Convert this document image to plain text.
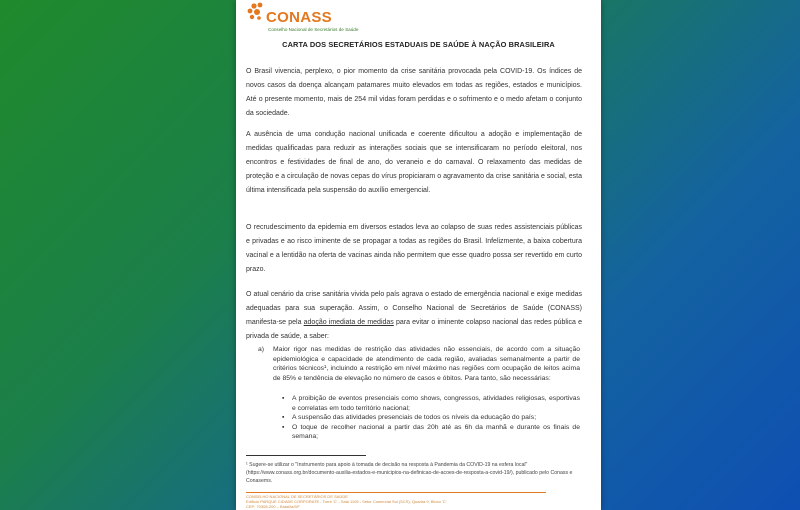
CONASS
Conselho Nacional de Secretários de Saúde
CARTA DOS SECRETÁRIOS ESTADUAIS DE SAÚDE À NAÇÃO BRASILEIRA
O Brasil vivencia, perplexo, o pior momento da crise sanitária provocada pela COVID-19. Os índices de novos casos da doença alcançam patamares muito elevados em todas as regiões, estados e municípios. Até o presente momento, mais de 254 mil vidas foram perdidas e o sofrimento e o medo afetam o conjunto da sociedade.
A ausência de uma condução nacional unificada e coerente dificultou a adoção e implementação de medidas qualificadas para reduzir as interações sociais que se intensificaram no período eleitoral, nos encontros e festividades de final de ano, do veraneio e do carnaval. O relaxamento das medidas de proteção e a circulação de novas cepas do vírus propiciaram o agravamento da crise sanitária e social, esta última intensificada pela suspensão do auxílio emergencial.
O recrudescimento da epidemia em diversos estados leva ao colapso de suas redes assistenciais públicas e privadas e ao risco iminente de se propagar a todas as regiões do Brasil. Infelizmente, a baixa cobertura vacinal e a lentidão na oferta de vacinas ainda não permitem que esse quadro possa ser revertido em curto prazo.
O atual cenário da crise sanitária vivida pelo país agrava o estado de emergência nacional e exige medidas adequadas para sua superação. Assim, o Conselho Nacional de Secretários de Saúde (CONASS) manifesta-se pela adoção imediata de medidas para evitar o iminente colapso nacional das redes pública e privada de saúde, a saber:
a) Maior rigor nas medidas de restrição das atividades não essenciais, de acordo com a situação epidemiológica e capacidade de atendimento de cada região, avaliadas semanalmente a partir de critérios técnicos¹, incluindo a restrição em nível máximo nas regiões com ocupação de leitos acima de 85% e tendência de elevação no número de casos e óbitos. Para tanto, são necessárias:
▪ A proibição de eventos presenciais como shows, congressos, atividades religiosas, esportivas e correlatas em todo território nacional;
▪ A suspensão das atividades presenciais de todos os níveis da educação do país;
▪ O toque de recolher nacional a partir das 20h até as 6h da manhã e durante os finais de semana;
¹ Sugere-se utilizar o "Instrumento para apoio à tomada de decisão na resposta à Pandemia da COVID-19 na esfera local" (https://www.conass.org.br/documento-auxilia-estados-e-municipios-na-definicao-de-acoes-de-resposta-a-covid-19/), publicado pelo Conass e Conasems.
CONSELHO NACIONAL DE SECRETÁRIOS DE SAÚDE
Edifício PARQUE CIDADE CORPORATE - Torre 'C' - Sala 1105 - Setor Comercial Sul (SCS), Quadra 9, Bloco 'C'
CEP: 70308-200 – Brasília/DF
